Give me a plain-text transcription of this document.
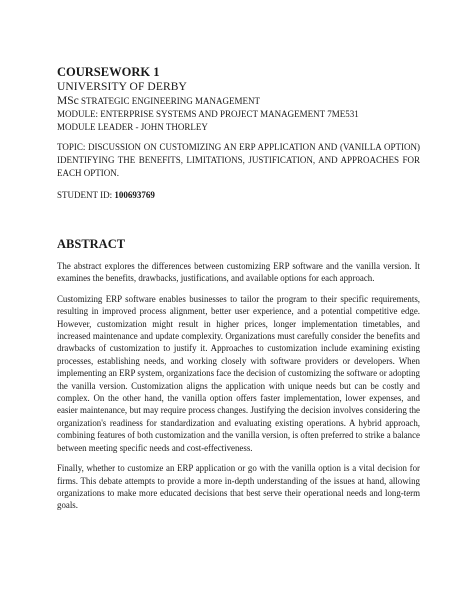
COURSEWORK 1

UNIVERSITY OF DERBY

MSc STRATEGIC ENGINEERING MANAGEMENT

MODULE: ENTERPRISE SYSTEMS AND PROJECT MANAGEMENT 7ME531

MODULE LEADER - JOHN THORLEY

TOPIC: DISCUSSION ON CUSTOMIZING AN ERP APPLICATION AND (VANILLA OPTION) IDENTIFYING THE BENEFITS, LIMITATIONS, JUSTIFICATION, AND APPROACHES FOR EACH OPTION.

STUDENT ID: 100693769

ABSTRACT

The abstract explores the differences between customizing ERP software and the vanilla version. It examines the benefits, drawbacks, justifications, and available options for each approach.

Customizing ERP software enables businesses to tailor the program to their specific requirements, resulting in improved process alignment, better user experience, and a potential competitive edge. However, customization might result in higher prices, longer implementation timetables, and increased maintenance and update complexity. Organizations must carefully consider the benefits and drawbacks of customization to justify it. Approaches to customization include examining existing processes, establishing needs, and working closely with software providers or developers. When implementing an ERP system, organizations face the decision of customizing the software or adopting the vanilla version. Customization aligns the application with unique needs but can be costly and complex. On the other hand, the vanilla option offers faster implementation, lower expenses, and easier maintenance, but may require process changes. Justifying the decision involves considering the organization's readiness for standardization and evaluating existing operations. A hybrid approach, combining features of both customization and the vanilla version, is often preferred to strike a balance between meeting specific needs and cost-effectiveness.

Finally, whether to customize an ERP application or go with the vanilla option is a vital decision for firms. This debate attempts to provide a more in-depth understanding of the issues at hand, allowing organizations to make more educated decisions that best serve their operational needs and long-term goals.
